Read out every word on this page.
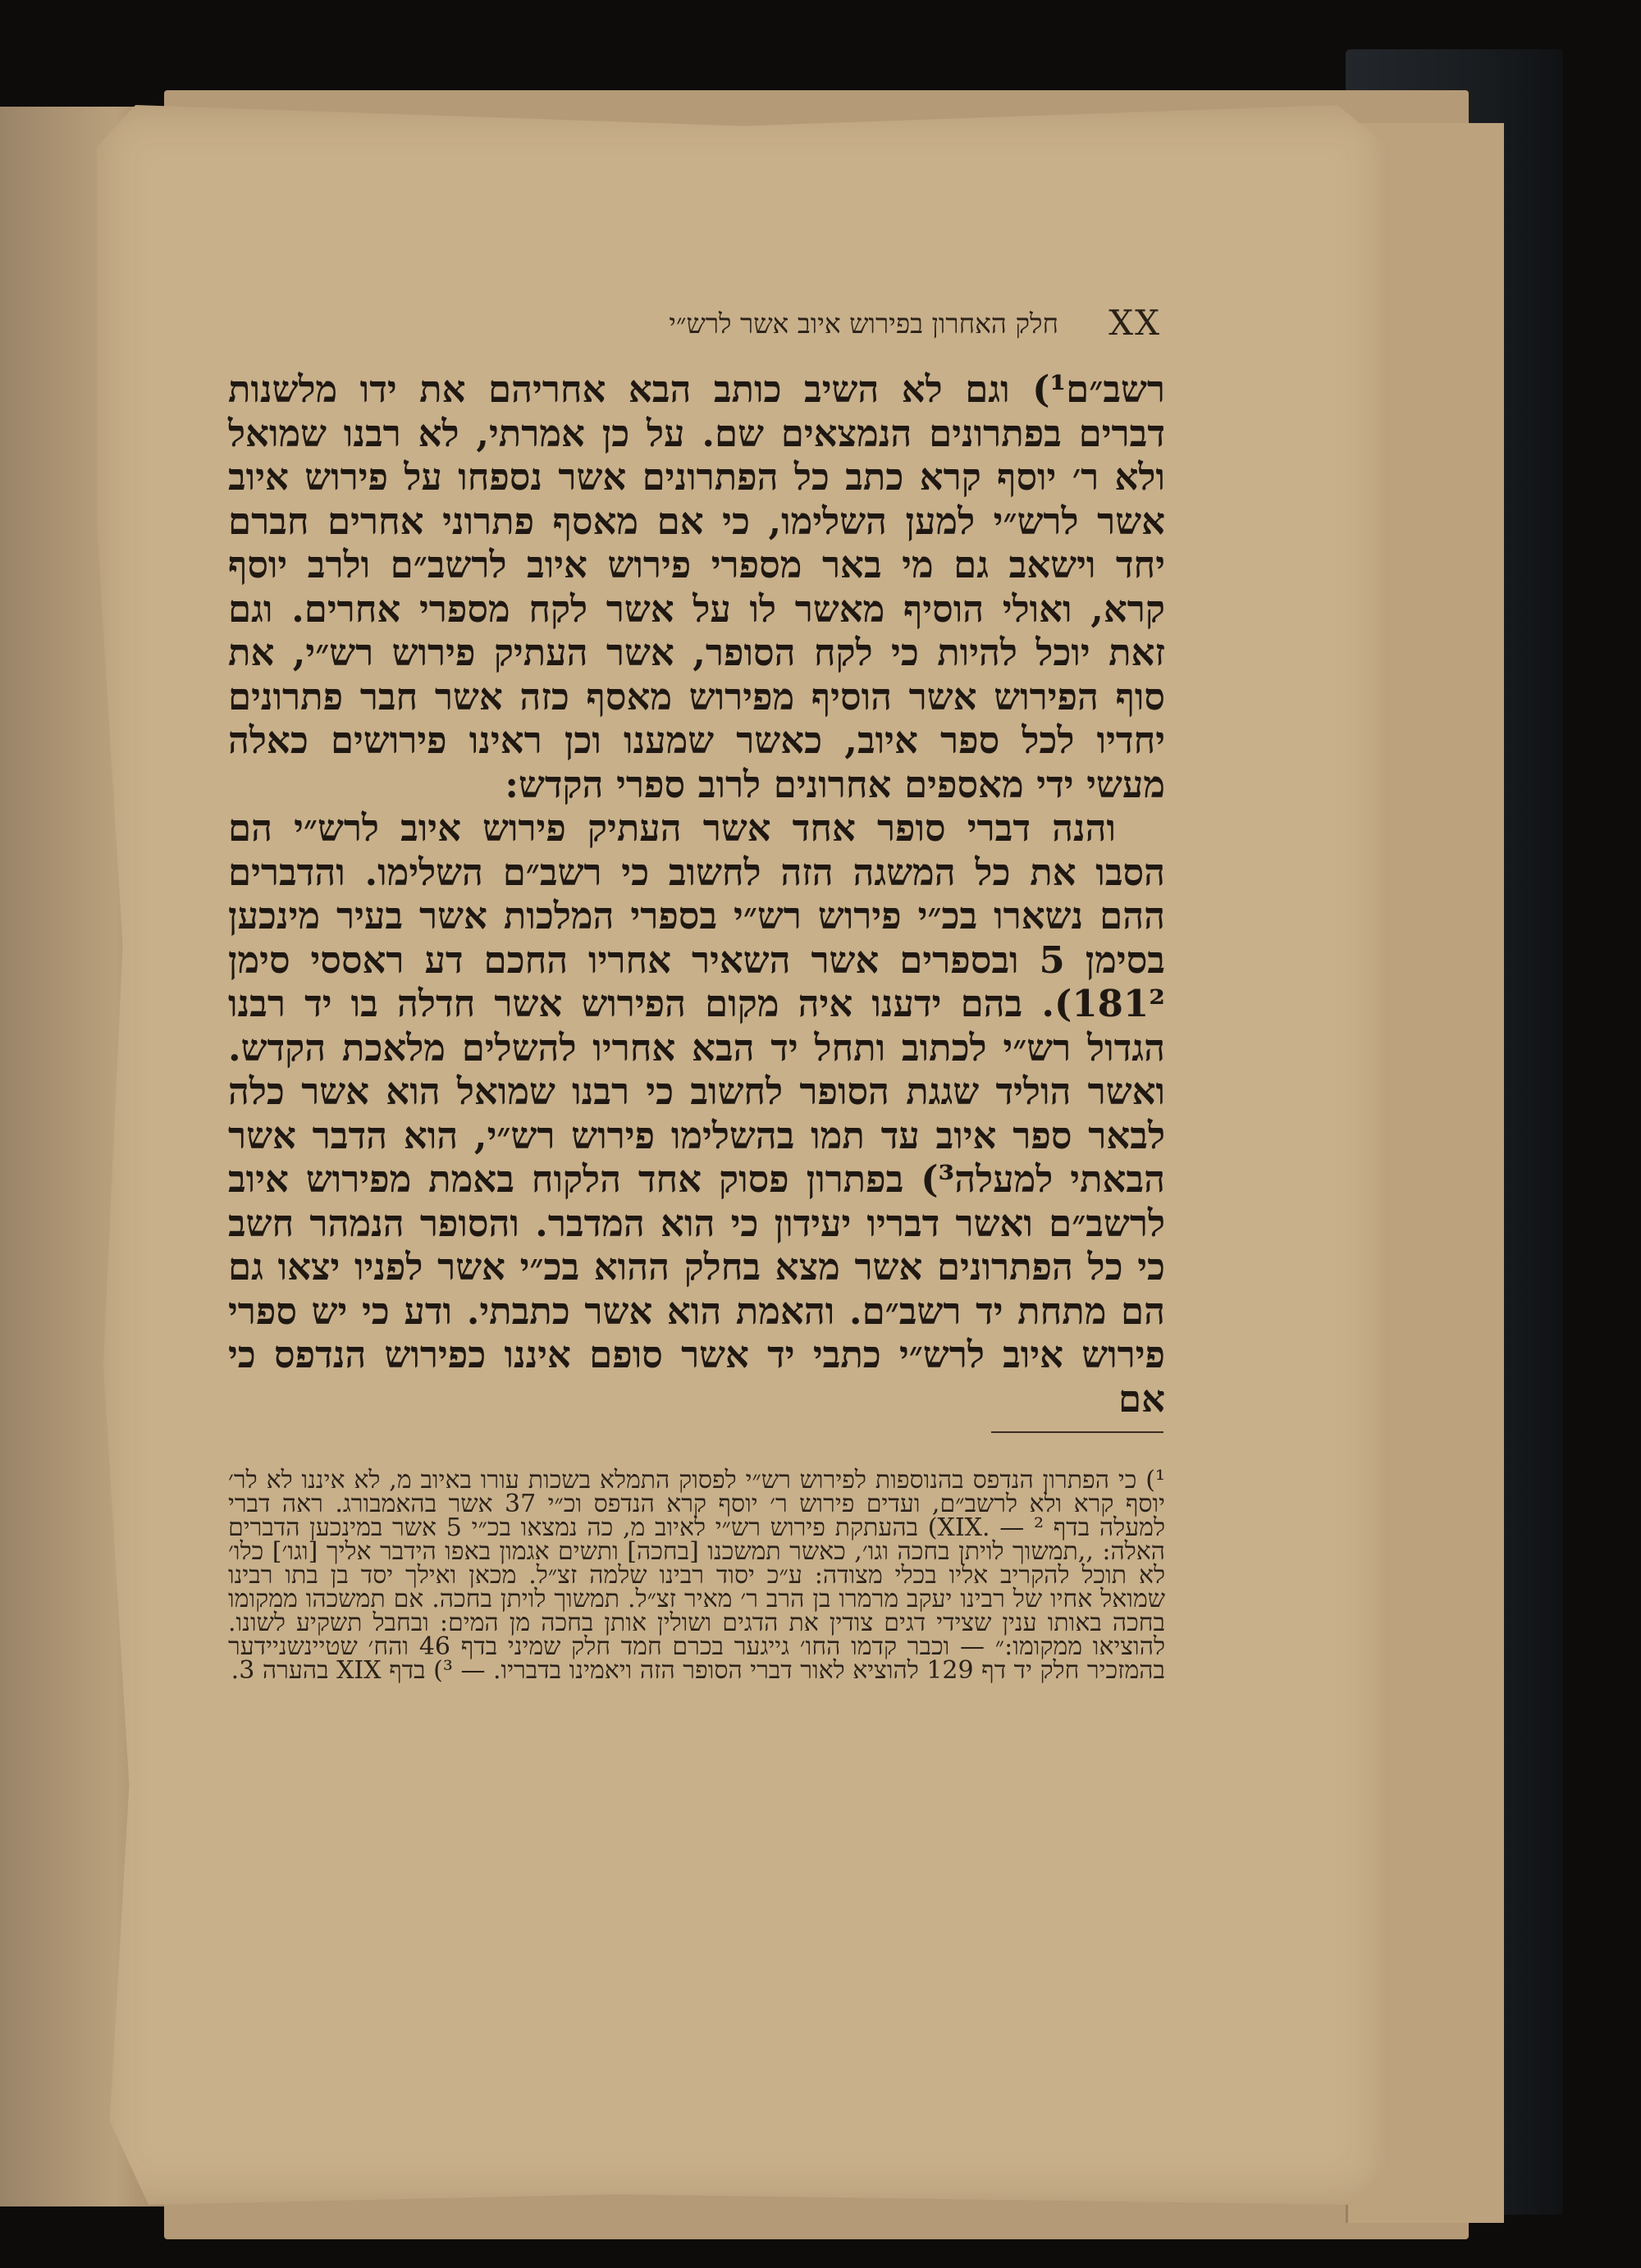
חלק האחרון בפירוש איוב אשר לרש״י XX

רשב״ם¹) וגם לא השיב כותב הבא אחריהם את ידו מלשנות דברים בפתרונים הנמצאים שם. על כן אמרתי, לא רבנו שמואל ולא ר׳ יוסף קרא כתב כל הפתרונים אשר נספחו על פירוש איוב אשר לרש״י למען השלימו, כי אם מאסף פתרוני אחרים חברם יחד וישאב גם מי באר מספרי פירוש איוב לרשב״ם ולרב יוסף קרא, ואולי הוסיף מאשר לו על אשר לקח מספרי אחרים. וגם זאת יוכל להיות כי לקח הסופר, אשר העתיק פירוש רש״י, את סוף הפירוש אשר הוסיף מפירוש מאסף כזה אשר חבר פתרונים יחדיו לכל ספר איוב, כאשר שמענו וכן ראינו פירושים כאלה מעשי ידי מאספים אחרונים לרוב ספרי הקדש:

והנה דברי סופר אחד אשר העתיק פירוש איוב לרש״י הם הסבו את כל המשגה הזה לחשוב כי רשב״ם השלימו. והדברים ההם נשארו בכ״י פירוש רש״י בספרי המלכות אשר בעיר מינכען בסימן 5 ובספרים אשר השאיר אחריו החכם דע ראססי סימן 181²). בהם ידענו איה מקום הפירוש אשר חדלה בו יד רבנו הגדול רש״י לכתוב ותחל יד הבא אחריו להשלים מלאכת הקדש. ואשר הוליד שגגת הסופר לחשוב כי רבנו שמואל הוא אשר כלה לבאר ספר איוב עד תמו בהשלימו פירוש רש״י, הוא הדבר אשר הבאתי למעלה³) בפתרון פסוק אחד הלקוח באמת מפירוש איוב לרשב״ם ואשר דבריו יעידון כי הוא המדבר. והסופר הנמהר חשב כי כל הפתרונים אשר מצא בחלק ההוא בכ״י אשר לפניו יצאו גם הם מתחת יד רשב״ם. והאמת הוא אשר כתבתי. ודע כי יש ספרי פירוש איוב לרש״י כתבי יד אשר סופם איננו כפירוש הנדפס כי אם

¹) כי הפתרון הנדפס בהנוספות לפירוש רש״י לפסוק התמלא בשכות עורו באיוב מ, לא איננו לא לר׳ יוסף קרא ולא לרשב״ם, ועדים פירוש ר׳ יוסף קרא הנדפס וכ״י 37 אשר בהאמבורג. ראה דברי למעלה בדף XIX. — ²) בהעתקת פירוש רש״י לאיוב מ, כה נמצאו בכ״י 5 אשר במינכען הדברים האלה: ,,תמשוך לויתן בחכה וגו׳, כאשר תמשכנו [בחכה] ותשים אגמון באפו הידבר אליך [וגו׳] כלו׳ לא תוכל להקריב אליו בכלי מצודה: ע״כ יסוד רבינו שלמה זצ״ל. מכאן ואילך יסד בן בתו רבינו שמואל אחיו של רבינו יעקב מרמרו בן הרב ר׳ מאיר זצ״ל. תמשוך לויתן בחכה. אם תמשכהו ממקומו בחכה באותו ענין שצידי דגים צודין את הדגים ושולין אותן בחכה מן המים: ובחבל תשקיע לשונו. להוציאו ממקומו:״ — וכבר קדמו החו׳ גייגער בכרם חמד חלק שמיני בדף 46 והח׳ שטיינשניידער בהמזכיר חלק יד דף 129 להוציא לאור דברי הסופר הזה ויאמינו בדבריו. — ³) בדף XIX בהערה 3.
